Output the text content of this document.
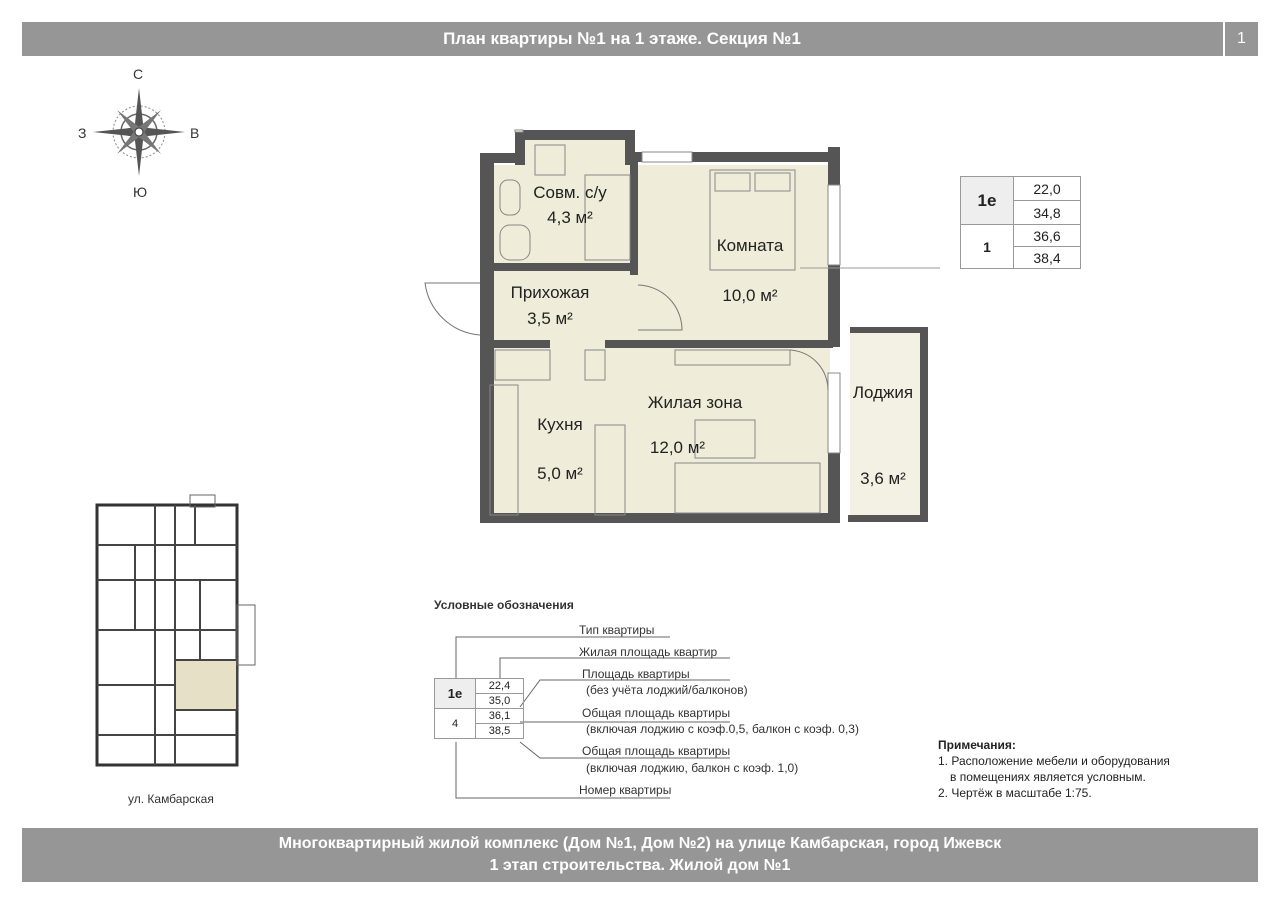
План квартиры №1 на 1 этаже. Секция №1	1
С
Ю
З	В
Совм. с/у
4,3 м²
Комната
10,0 м²
Прихожая
3,5 м²
Кухня
5,0 м²
Жилая зона
12,0 м²
Лоджия
3,6 м²
1е	22,0
	34,8
1	36,6
	38,4
ул. Камбарская
Условные обозначения
1е	22,4
	35,0
4	36,1
	38,5
Тип квартиры
Жилая площадь квартир
Площадь квартиры
(без учёта лоджий/балконов)
Общая площадь квартиры
(включая лоджию с коэф.0,5, балкон с коэф. 0,3)
Общая площадь квартиры
(включая лоджию, балкон с коэф. 1,0)
Номер квартиры
Примечания:
1. Расположение мебели и оборудования
в помещениях является условным.
2. Чертёж в масштабе 1:75.
Многоквартирный жилой комплекс (Дом №1, Дом №2) на улице Камбарская, город Ижевск
1 этап строительства. Жилой дом №1
